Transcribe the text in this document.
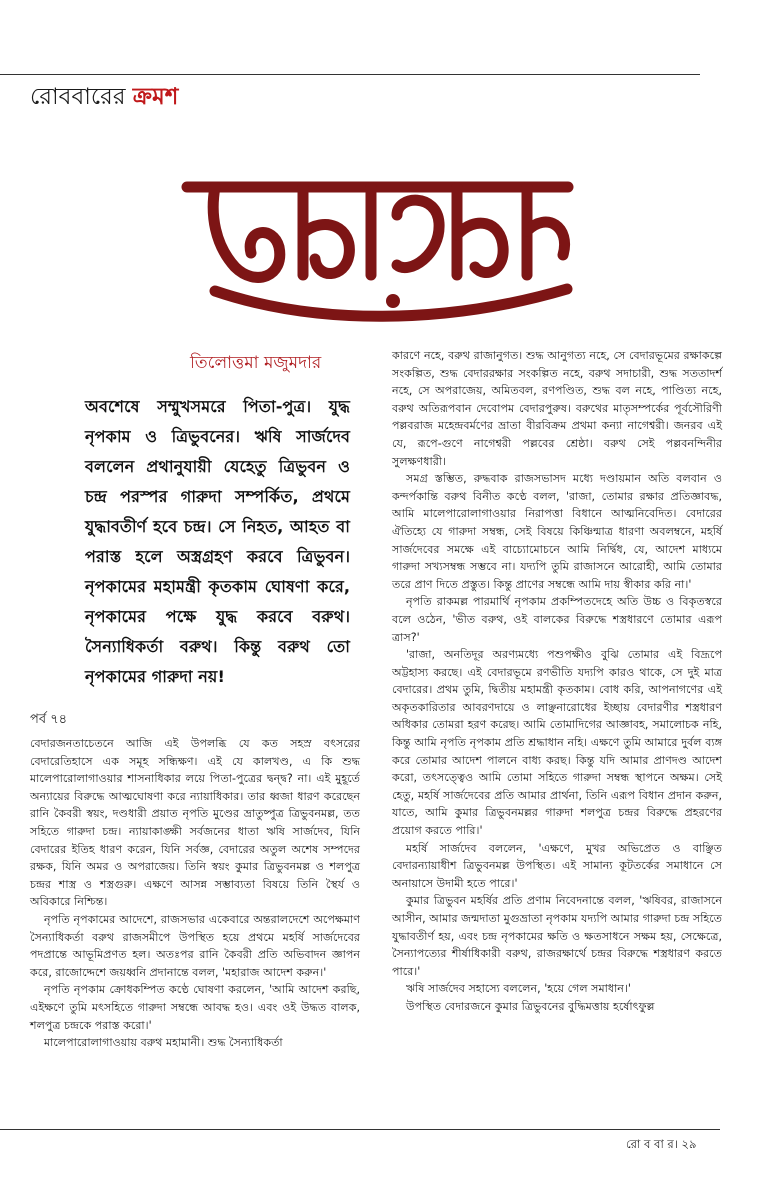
রোববারের ক্রমশ
তিলোত্তমা মজুমদার
অবশেষে সম্মুখসমরে পিতা-পুত্র। যুদ্ধ নৃপকাম ও ত্রিভুবনের। ঋষি সার্জদেব বললেন প্রথানুযায়ী যেহেতু ত্রিভুবন ও চন্দ্র পরস্পর গারুদা সম্পর্কিত, প্রথমে যুদ্ধাবতীর্ণ হবে চন্দ্র। সে নিহত, আহত বা পরাস্ত হলে অস্ত্রগ্রহণ করবে ত্রিভুবন। নৃপকামের মহামন্ত্রী কৃতকাম ঘোষণা করে, নৃপকামের পক্ষে যুদ্ধ করবে বরুথ। সৈন্যাধিকর্তা বরুথ। কিন্তু বরুথ তো নৃপকামের গারুদা নয়!
পর্ব ৭৪

বেদারজনতাচেতনে আজি এই উপলব্ধি যে কত সহস্র বৎসরের বেদারেতিহাসে এক সমূহ সন্ধিক্ষণ। এই যে কালখণ্ড, এ কি শুদ্ধ মালেপারোলাগাওয়ার শাসনাধিকার লয়ে পিতা-পুত্রের দ্বন্দ্ব? না। এই মুহূর্তে অন্যায়ের বিরুদ্ধে আত্মঘোষণা করে ন্যায়াধিকার। তার ধ্বজা ধারণ করেছেন রানি কৈবরী স্বয়ং, দণ্ডধারী প্রয়াত নৃপতি মুণ্ডের ভ্রাতুষ্পুত্র ত্রিভুবনমল্ল, তত সহিতে গারুদা চন্দ্র। ন্যায়াকাঙ্ক্ষী সর্বজনের ধাতা ঋষি সার্জদেব, যিনি বেদারের ইতিহ ধারণ করেন, যিনি সর্বজ্ঞ, বেদারের অতুল অশেষ সম্পদের রক্ষক, যিনি অমর ও অপরাজেয়। তিনি স্বয়ং কুমার ত্রিভুবনমল্ল ও শলপুত্র চন্দ্রর শাস্ত্র ও শস্ত্রগুরু। এক্ষণে আসন্ন সম্ভাব্যতা বিষয়ে তিনি স্থৈর্য ও অবিকারে নিশ্চিন্ত।

নৃপতি নৃপকামের আদেশে, রাজসভার একেবারে অন্তরালদেশে অপেক্ষমাণ সৈন্যাধিকর্তা বরুথ রাজসমীপে উপস্থিত হয়ে প্রথমে মহর্ষি সার্জদেবের পদপ্রান্তে আভূমিপ্রণত হল। অতঃপর রানি কৈবরী প্রতি অভিবাদন জ্ঞাপন করে, রাজোদ্দেশে জয়ধ্বনি প্রদানান্তে বলল, 'মহারাজ আদেশ করুন।'

নৃপতি নৃপকাম ক্রোধকম্পিত কণ্ঠে ঘোষণা করলেন, 'আমি আদেশ করছি, এইক্ষণে তুমি মৎসহিতে গারুদা সম্বন্ধে আবদ্ধ হও। এবং ওই উদ্ধত বালক, শলপুত্র চন্দ্রকে পরাস্ত করো।'

মালেপারোলাগাওয়ায় বরুথ মহামানী। শুদ্ধ সৈন্যাধিকর্তা

কারণে নহে, বরুথ রাজানুগত। শুদ্ধ আনুগত্য নহে, সে বেদারভূমের রক্ষাকল্পে সংকল্পিত, শুদ্ধ বেদাররক্ষার সংকল্পিত নহে, বরুথ সদাচারী, শুদ্ধ সততাদর্শ নহে, সে অপরাজেয়, অমিতবল, রণপণ্ডিত, শুদ্ধ বল নহে, পাণ্ডিত্য নহে, বরুথ অতিরূপবান দেবোপম বেদারপুরুষ। বরুথের মাতৃসম্পর্কের পূর্বসৌরিণী পল্লবরাজ মহেন্দ্রবর্মণের ভ্রাতা বীরবিক্রম প্রথমা কন্যা নাগেশ্বরী। জনরব এই যে, রূপে-গুণে নাগেশ্বরী পল্লবের শ্রেষ্ঠা। বরুথ সেই পল্লবনন্দিনীর সুলক্ষণধারী।

সমগ্র স্তম্ভিত, রুদ্ধবাক রাজসভাসদ মধ্যে দণ্ডায়মান অতি বলবান ও কন্দর্পকান্তি বরুথ বিনীত কণ্ঠে বলল, 'রাজা, তোমার রক্ষার প্রতিজ্ঞাবদ্ধ, আমি মালেপারোলাগাওয়ার নিরাপত্তা বিধানে আত্মনিবেদিত। বেদারের ঐতিহ্যে যে গারুদা সম্বন্ধ, সেই বিষয়ে কিঞ্চিন্মাত্র ধারণা অবলম্বনে, মহর্ষি সার্জদেবের সমক্ষে এই বাচ্যোমোচনে আমি নির্দ্বিধ, যে, আদেশ মাধ্যমে গারুদা সখ্যসম্বন্ধ সম্ভবে না। যদ্যপি তুমি রাজাসনে আরোহী, আমি তোমার তরে প্রাণ দিতে প্রস্তুত। কিন্তু প্রাণের সম্বন্ধে আমি দায় স্বীকার করি না।'

নৃপতি রাকমল্ল পারমার্থি নৃপকাম প্রকম্পিতদেহে অতি উচ্চ ও বিকৃতস্বরে বলে ওঠেন, 'ভীত বরুথ, ওই বালকের বিরুদ্ধে শস্ত্রধারণে তোমার এরূপ ত্রাস?'

'রাজা, অনতিদূর অরণ্যমধ্যে পশুপক্ষীও বুঝি তোমার এই বিদ্রূপে অট্টহাস্য করছে। এই বেদারভূমে রণভীতি যদ্যপি কারও থাকে, সে দুই মাত্র বেদারের। প্রথম তুমি, দ্বিতীয় মহামন্ত্রী কৃতকাম। বোধ করি, আপনাগণের এই অকৃতকারিতার আবরণদায়ে ও লাঞ্ছনারোধের ইচ্ছায় বেদারণীর শস্ত্রধারণ অধিকার তোমরা হরণ করেছ। আমি তোমাদিগের আজ্ঞাবহ, সমালোচক নহি, কিন্তু আমি নৃপতি নৃপকাম প্রতি শ্রদ্ধাধান নহি। এক্ষণে তুমি আমারে দুর্বল ব্যঙ্গ করে তোমার আদেশ পালনে বাধ্য করছ। কিন্তু যদি আমার প্রাণদণ্ড আদেশ করো, তৎসত্ত্বেও আমি তোমা সহিতে গারুদা সম্বন্ধ স্থাপনে অক্ষম। সেই হেতু, মহর্ষি সার্জদেবের প্রতি আমার প্রার্থনা, তিনি এরূপ বিধান প্রদান করুন, যাতে, আমি কুমার ত্রিভুবনমল্লর গারুদা শলপুত্র চন্দ্রর বিরুদ্ধে প্রহরণের প্রয়োগ করতে পারি।'

মহর্ষি সার্জদেব বললেন, 'এক্ষণে, মুখর অভিপ্রেত ও বাঞ্ছিত বেদারন্যায়াধীশ ত্রিভুবনমল্ল উপস্থিত। এই সামান্য কূটতর্কের সমাধানে সে অনায়াসে উদামী হতে পারে।'

কুমার ত্রিভুবন মহর্ষির প্রতি প্রণাম নিবেদনান্তে বলল, 'ঋষিবর, রাজাসনে আসীন, আমার জন্মদাতা মুগুভ্রাতা নৃপকাম যদ্যপি আমার গারুদা চন্দ্র সহিতে যুদ্ধাবতীর্ণ হয়, এবং চন্দ্র নৃপকামের ক্ষতি ও ক্ষতসাধনে সক্ষম হয়, সেক্ষেত্রে, সৈন্যাপত্যের শীর্ষাধিকারী বরুথ, রাজরক্ষার্থে চন্দ্রর বিরুদ্ধে শস্ত্রধারণ করতে পারে।'

ঋষি সার্জদেব সহাস্যে বললেন, 'হয়ে গেল সমাধান।'

উপস্থিত বেদারজনে কুমার ত্রিভুবনের বুদ্ধিমত্তায় হর্ষোৎফুল্ল

রো ব বা র। ২৯
